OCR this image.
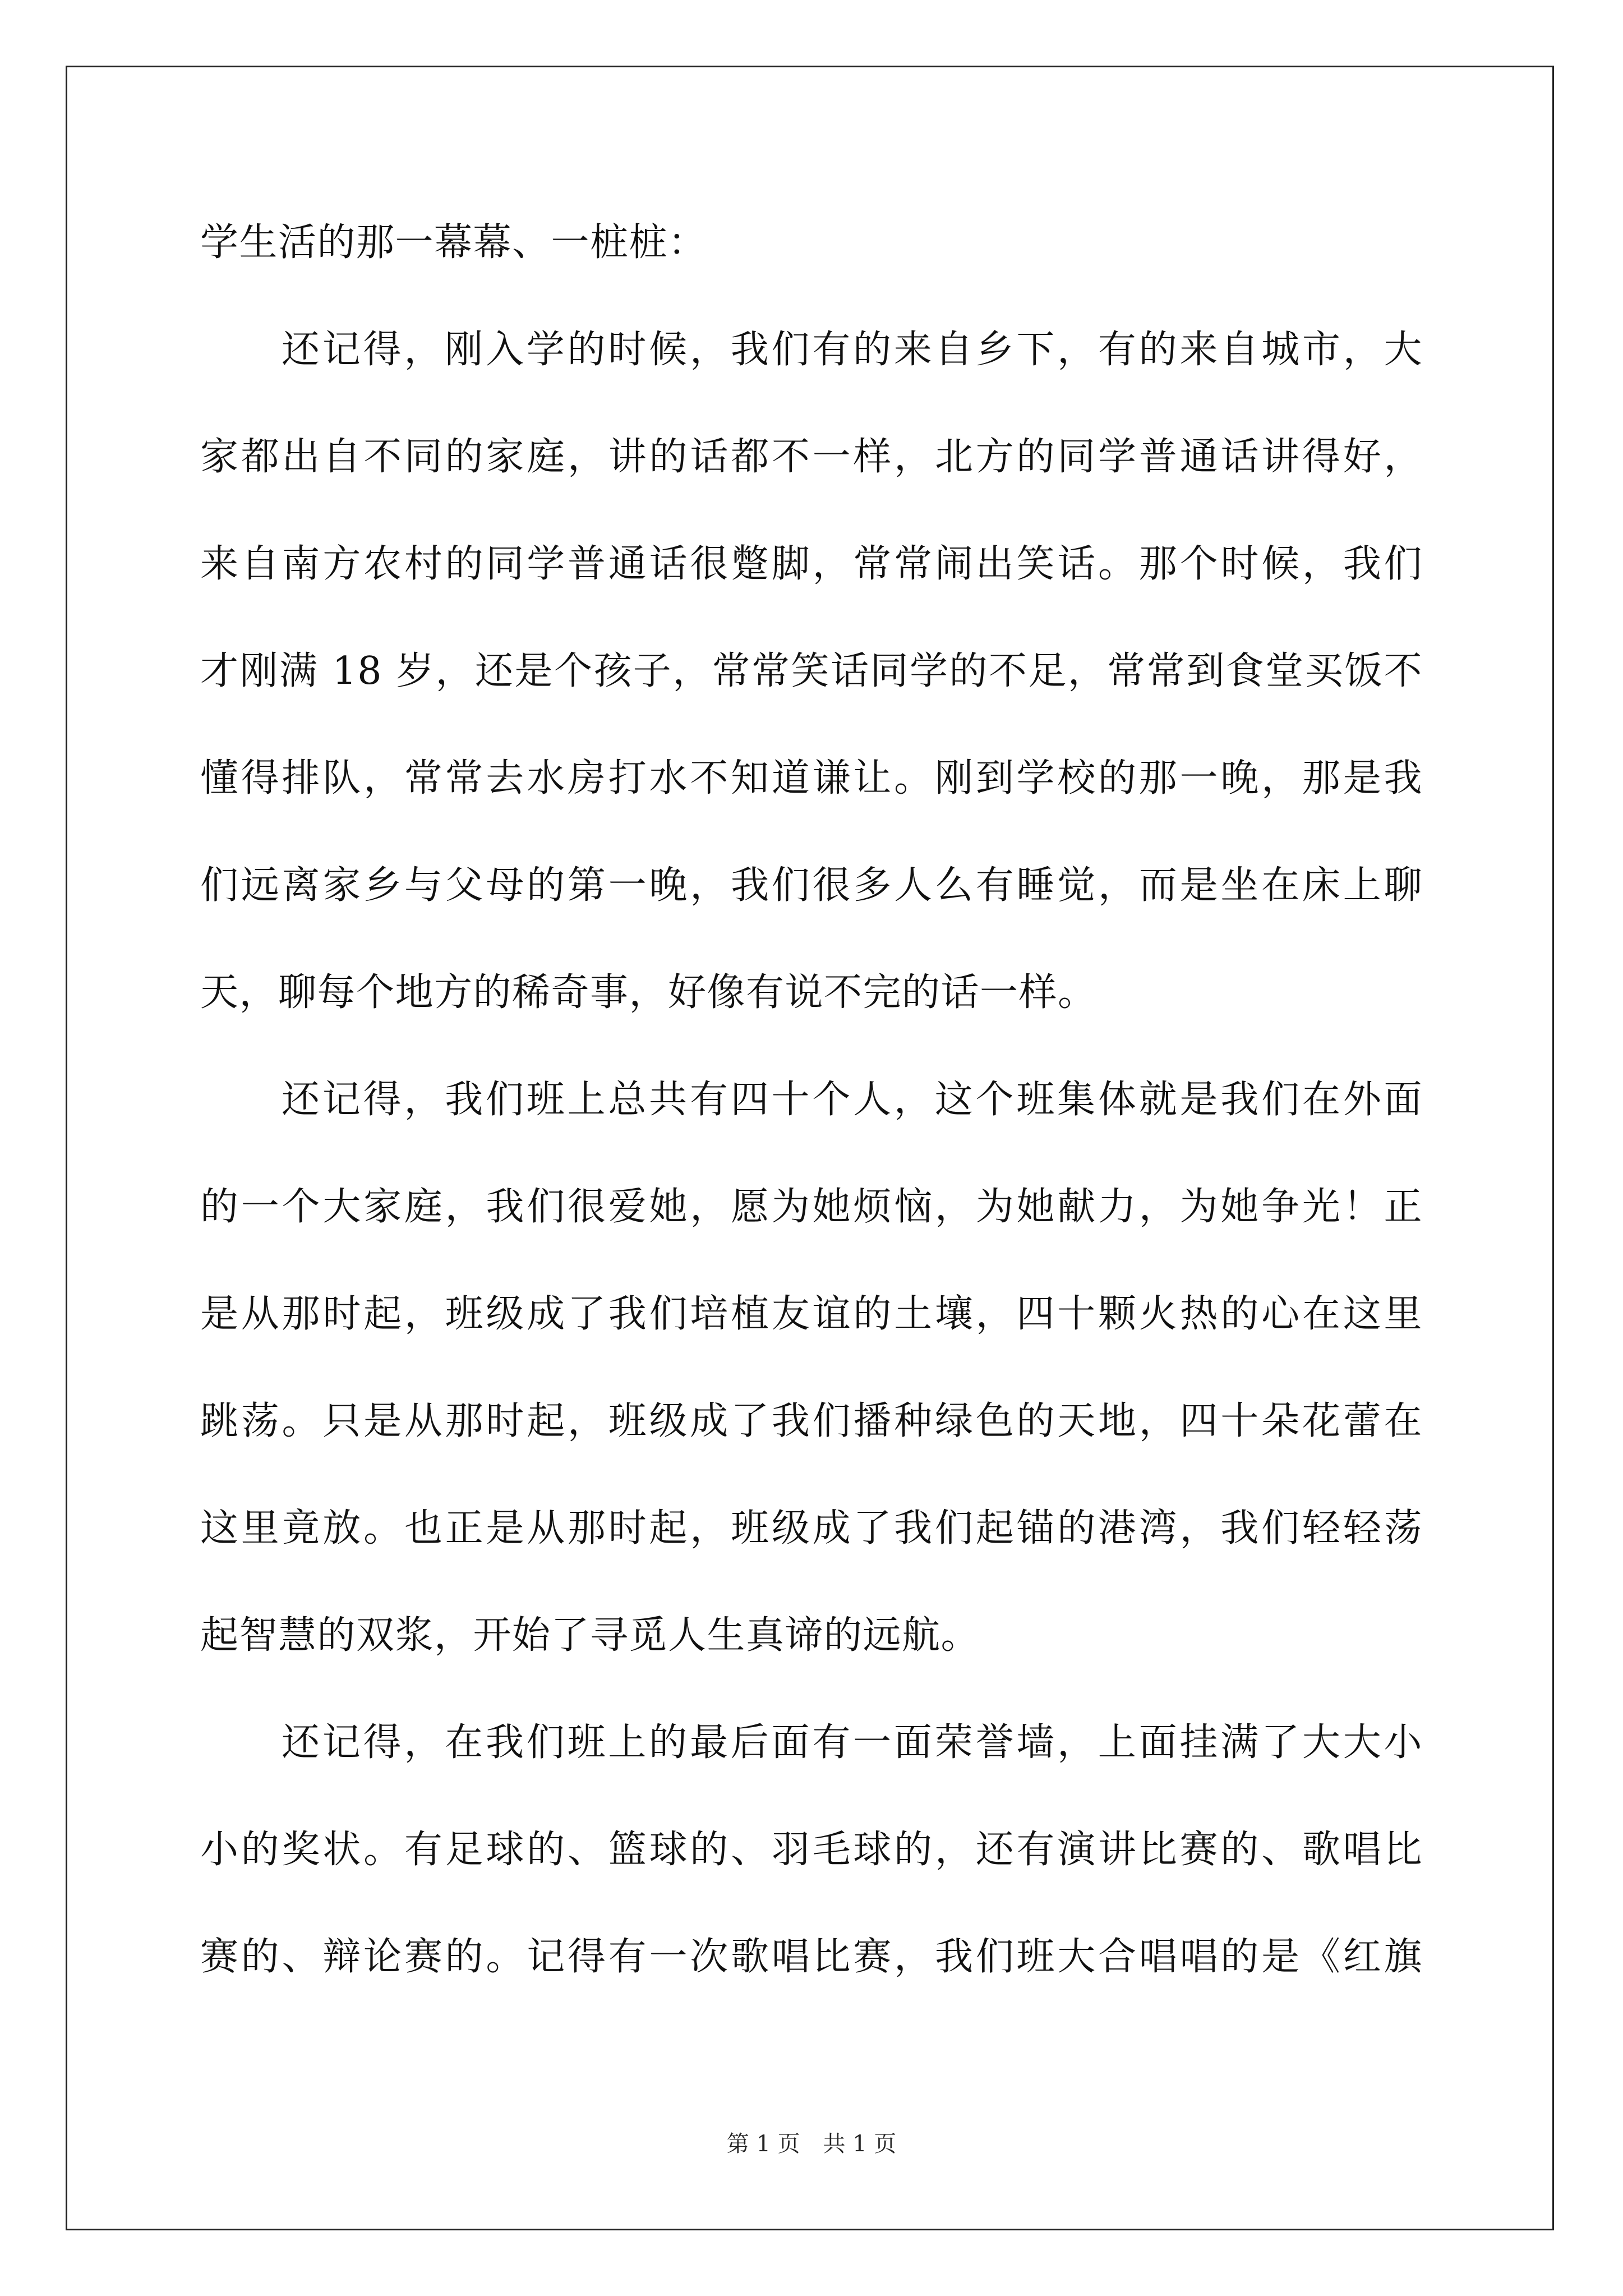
学生活的那一幕幕、一桩桩：
还记得，刚入学的时候，我们有的来自乡下，有的来自城市，大
家都出自不同的家庭，讲的话都不一样，北方的同学普通话讲得好，
来自南方农村的同学普通话很蹩脚，常常闹出笑话。那个时候，我们
才刚满 18 岁，还是个孩子，常常笑话同学的不足，常常到食堂买饭不
懂得排队，常常去水房打水不知道谦让。刚到学校的那一晚，那是我
们远离家乡与父母的第一晚，我们很多人么有睡觉，而是坐在床上聊
天，聊每个地方的稀奇事，好像有说不完的话一样。
还记得，我们班上总共有四十个人，这个班集体就是我们在外面
的一个大家庭，我们很爱她，愿为她烦恼，为她献力，为她争光！正
是从那时起，班级成了我们培植友谊的土壤，四十颗火热的心在这里
跳荡。只是从那时起，班级成了我们播种绿色的天地，四十朵花蕾在
这里竟放。也正是从那时起，班级成了我们起锚的港湾，我们轻轻荡
起智慧的双浆，开始了寻觅人生真谛的远航。
还记得，在我们班上的最后面有一面荣誉墙，上面挂满了大大小
小的奖状。有足球的、篮球的、羽毛球的，还有演讲比赛的、歌唱比
赛的、辩论赛的。记得有一次歌唱比赛，我们班大合唱唱的是《红旗
第 1 页 共 1 页
